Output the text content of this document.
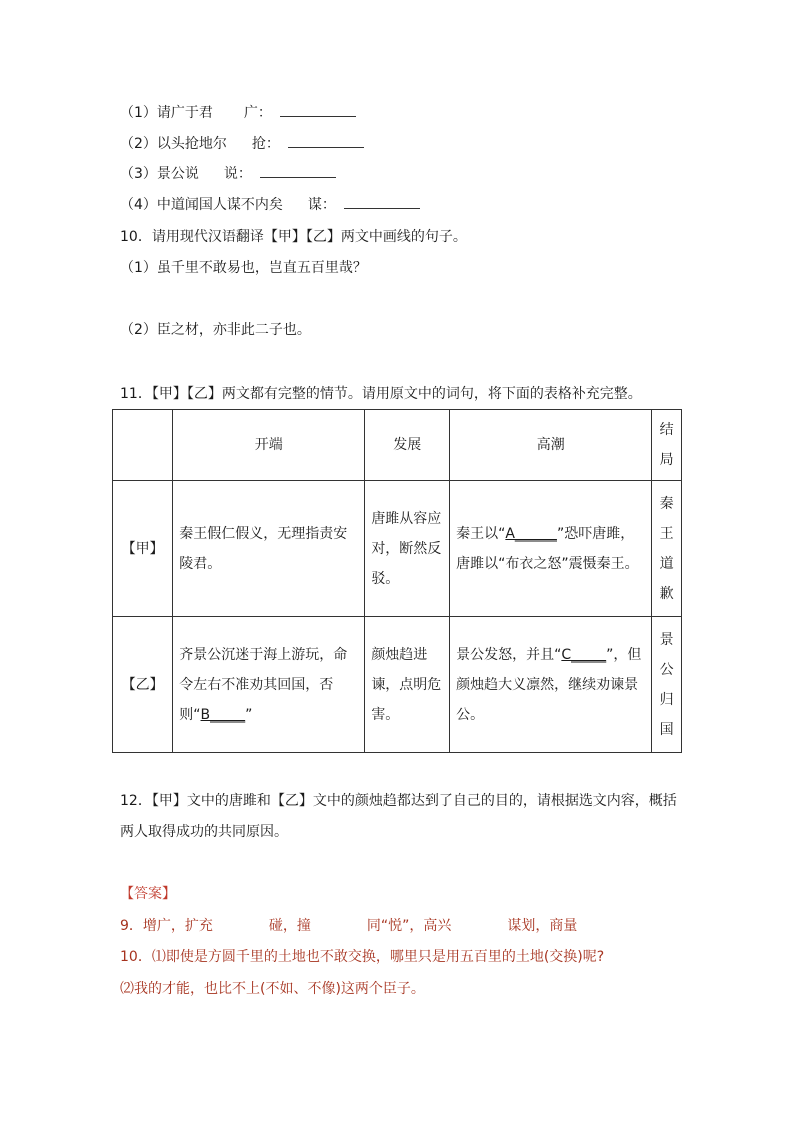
（1）请广于君 广：
（2）以头抢地尔 抢：
（3）景公说 说：
（4）中道闻国人谋不内矣 谋：
10．请用现代汉语翻译【甲】【乙】两文中画线的句子。
（1）虽千里不敢易也，岂直五百里哉？
（2）臣之材，亦非此二子也。
11．【甲】【乙】两文都有完整的情节。请用原文中的词句，将下面的表格补充完整。
	开端	发展	高潮	结局
【甲】	秦王假仁假义，无理指责安陵君。	唐雎从容应对，断然反驳。	秦王以“A______”恐吓唐雎，唐雎以“布衣之怒”震慑秦王。	秦王道歉
【乙】	齐景公沉迷于海上游玩，命令左右不准劝其回国，否则“B_____”	颜烛趋进谏，点明危害。	景公发怒，并且“C_____”，但颜烛趋大义凛然，继续劝谏景公。	景公归国
12．【甲】文中的唐雎和【乙】文中的颜烛趋都达到了自己的目的，请根据选文内容，概括
两人取得成功的共同原因。
【答案】
9．增广，扩充　　　　碰，撞　　　　同“悦”，高兴　　　　谋划，商量
10．⑴即使是方圆千里的土地也不敢交换，哪里只是用五百里的土地(交换)呢?
⑵我的才能，也比不上(不如、不像)这两个臣子。
